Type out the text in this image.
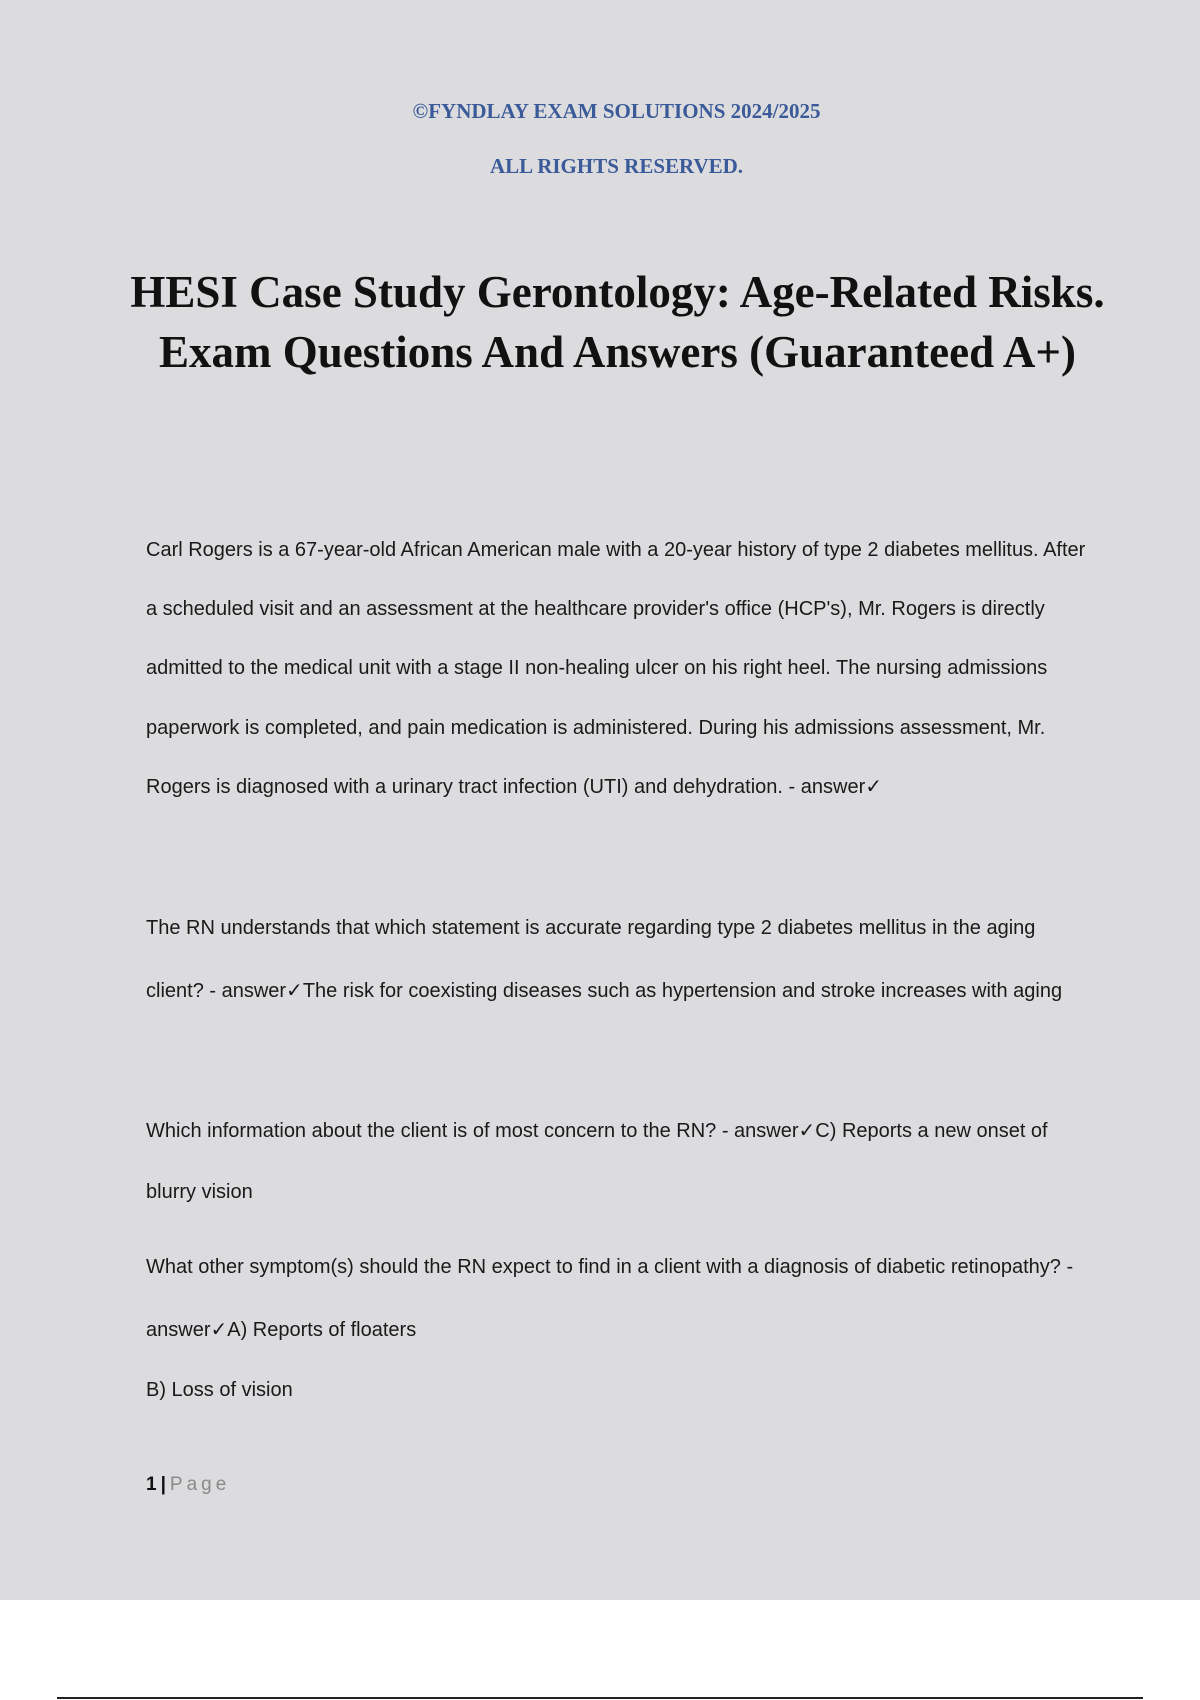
©FYNDLAY EXAM SOLUTIONS 2024/2025
ALL RIGHTS RESERVED.
HESI Case Study Gerontology: Age-Related Risks. Exam Questions And Answers (Guaranteed A+)
Carl Rogers is a 67-year-old African American male with a 20-year history of type 2 diabetes mellitus. After a scheduled visit and an assessment at the healthcare provider's office (HCP's), Mr. Rogers is directly admitted to the medical unit with a stage II non-healing ulcer on his right heel. The nursing admissions paperwork is completed, and pain medication is administered. During his admissions assessment, Mr. Rogers is diagnosed with a urinary tract infection (UTI) and dehydration. - answer✓
The RN understands that which statement is accurate regarding type 2 diabetes mellitus in the aging client? - answer✓The risk for coexisting diseases such as hypertension and stroke increases with aging
Which information about the client is of most concern to the RN? - answer✓C) Reports a new onset of blurry vision
What other symptom(s) should the RN expect to find in a client with a diagnosis of diabetic retinopathy? - answer✓A) Reports of floaters
B) Loss of vision
1 | Page
